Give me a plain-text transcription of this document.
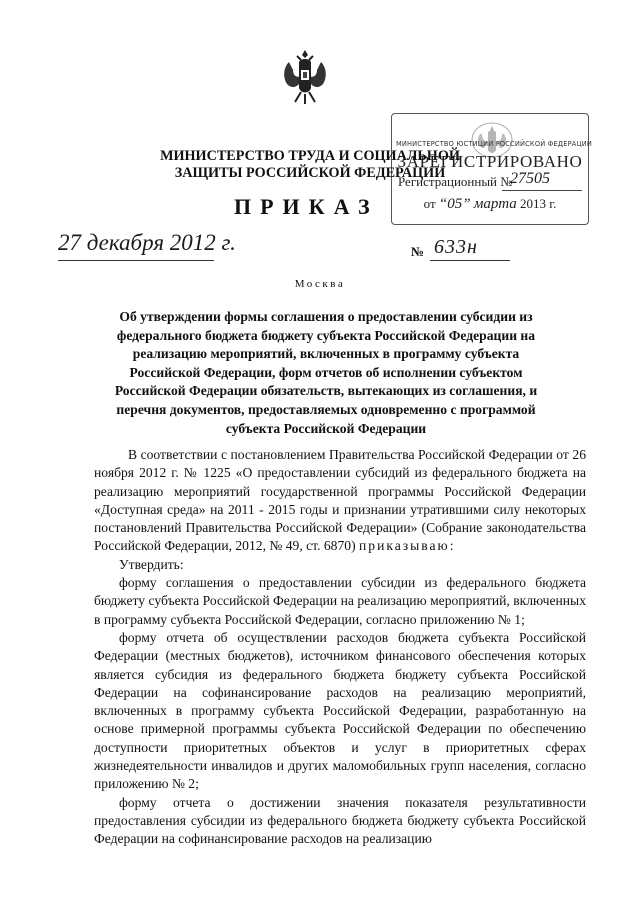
МИНИСТЕРСТВО ЮСТИЦИИ РОССИЙСКОЙ ФЕДЕРАЦИИ
ЗАРЕГИСТРИРОВАНО
Регистрационный №
27505
от “05” марта 2013 г.
МИНИСТЕРСТВО ТРУДА И СОЦИАЛЬНОЙ ЗАЩИТЫ РОССИЙСКОЙ ФЕДЕРАЦИИ
ПРИКАЗ
27 декабря 2012 г.	№ 633н
Москва
Об утверждении формы соглашения о предоставлении субсидии из федерального бюджета бюджету субъекта Российской Федерации на реализацию мероприятий, включенных в программу субъекта Российской Федерации, форм отчетов об исполнении субъектом Российской Федерации обязательств, вытекающих из соглашения, и перечня документов, предоставляемых одновременно с программой субъекта Российской Федерации

В соответствии с постановлением Правительства Российской Федерации от 26 ноября 2012 г. № 1225 «О предоставлении субсидий из федерального бюджета на реализацию мероприятий государственной программы Российской Федерации «Доступная среда» на 2011 - 2015 годы и признании утратившими силу некоторых постановлений Правительства Российской Федерации» (Собрание законодательства Российской Федерации, 2012, № 49, ст. 6870) приказываю:

Утвердить:

форму соглашения о предоставлении субсидии из федерального бюджета бюджету субъекта Российской Федерации на реализацию мероприятий, включенных в программу субъекта Российской Федерации, согласно приложению № 1;

форму отчета об осуществлении расходов бюджета субъекта Российской Федерации (местных бюджетов), источником финансового обеспечения которых является субсидия из федерального бюджета бюджету субъекта Российской Федерации на софинансирование расходов на реализацию мероприятий, включенных в программу субъекта Российской Федерации, разработанную на основе примерной программы субъекта Российской Федерации по обеспечению доступности приоритетных объектов и услуг в приоритетных сферах жизнедеятельности инвалидов и других маломобильных групп населения, согласно приложению № 2;

форму отчета о достижении значения показателя результативности предоставления субсидии из федерального бюджета бюджету субъекта Российской Федерации на софинансирование расходов на реализацию
